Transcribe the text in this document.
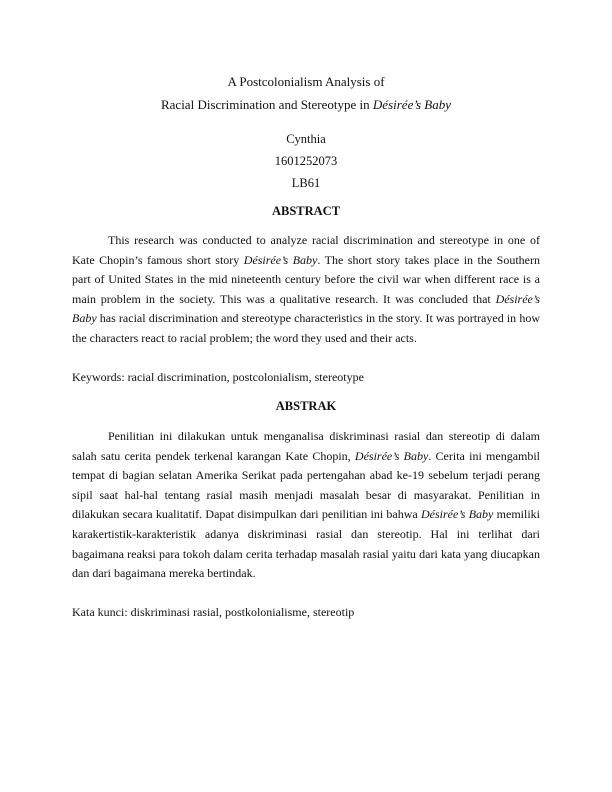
A Postcolonialism Analysis of
Racial Discrimination and Stereotype in Désirée’s Baby
Cynthia
1601252073
LB61
ABSTRACT

This research was conducted to analyze racial discrimination and stereotype in one of Kate Chopin’s famous short story Désirée’s Baby. The short story takes place in the Southern part of United States in the mid nineteenth century before the civil war when different race is a main problem in the society. This was a qualitative research. It was concluded that Désirée’s Baby has racial discrimination and stereotype characteristics in the story. It was portrayed in how the characters react to racial problem; the word they used and their acts.

Keywords: racial discrimination, postcolonialism, stereotype

ABSTRAK

Penilitian ini dilakukan untuk menganalisa diskriminasi rasial dan stereotip di dalam salah satu cerita pendek terkenal karangan Kate Chopin, Désirée’s Baby. Cerita ini mengambil tempat di bagian selatan Amerika Serikat pada pertengahan abad ke-19 sebelum terjadi perang sipil saat hal-hal tentang rasial masih menjadi masalah besar di masyarakat. Penilitian in dilakukan secara kualitatif. Dapat disimpulkan dari penilitian ini bahwa Désirée’s Baby memiliki karakertistik-karakteristik adanya diskriminasi rasial dan stereotip. Hal ini terlihat dari bagaimana reaksi para tokoh dalam cerita terhadap masalah rasial yaitu dari kata yang diucapkan dan dari bagaimana mereka bertindak.

Kata kunci: diskriminasi rasial, postkolonialisme, stereotip
